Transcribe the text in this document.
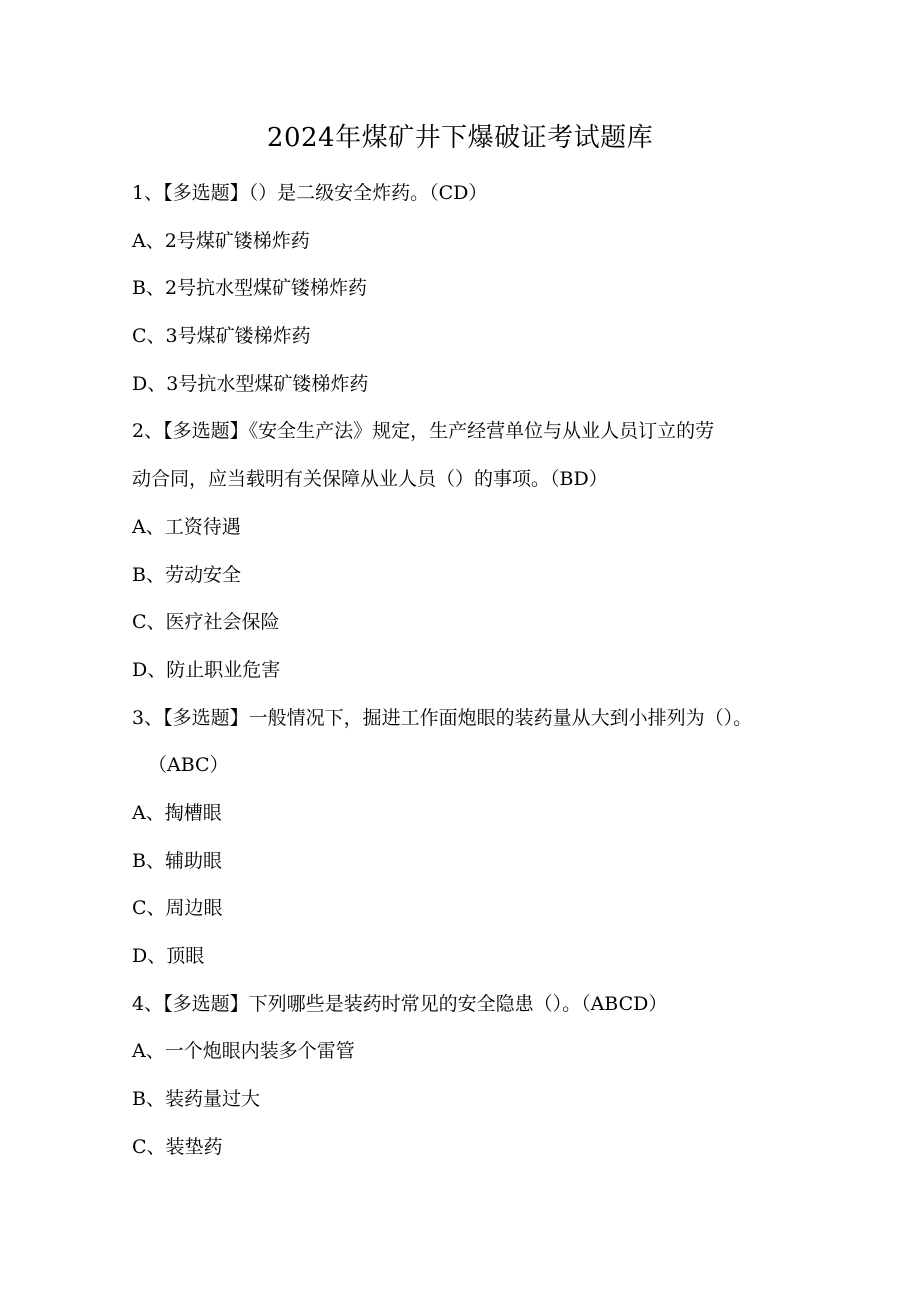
2024年煤矿井下爆破证考试题库
1、【多选题】（）是二级安全炸药。（CD）
A、2号煤矿镂梯炸药
B、2号抗水型煤矿镂梯炸药
C、3号煤矿镂梯炸药
D、3号抗水型煤矿镂梯炸药
2、【多选题】《安全生产法》规定，生产经营单位与从业人员订立的劳
动合同，应当载明有关保障从业人员（）的事项。（BD）
A、工资待遇
B、劳动安全
C、医疗社会保险
D、防止职业危害
3、【多选题】一般情况下，掘进工作面炮眼的装药量从大到小排列为（）。
（ABC）
A、掏槽眼
B、辅助眼
C、周边眼
D、顶眼
4、【多选题】下列哪些是装药时常见的安全隐患（）。（ABCD）
A、一个炮眼内装多个雷管
B、装药量过大
C、装垫药
